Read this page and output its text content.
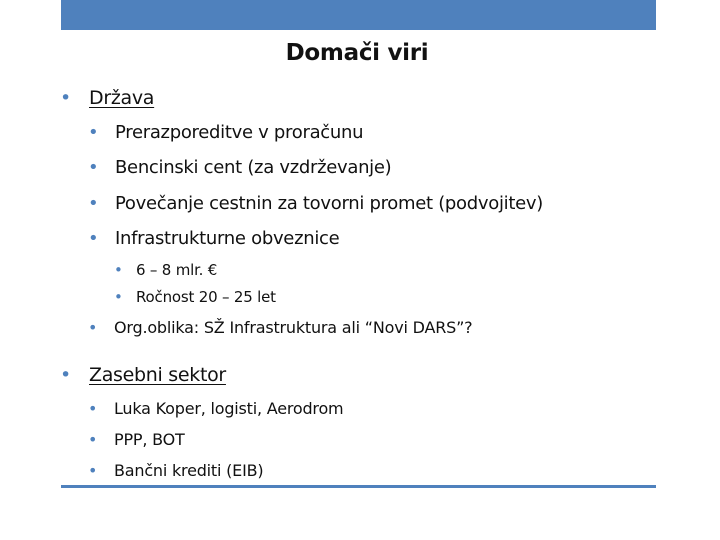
Domači viri
• Država
• Prerazporeditve v proračunu
• Bencinski cent (za vzdrževanje)
• Povečanje cestnin za tovorni promet (podvojitev)
• Infrastrukturne obveznice
• 6 – 8 mlr. €
• Ročnost 20 – 25 let
• Org.oblika: SŽ Infrastruktura ali “Novi DARS”?
• Zasebni sektor
• Luka Koper, logisti, Aerodrom
• PPP, BOT
• Bančni krediti (EIB)
